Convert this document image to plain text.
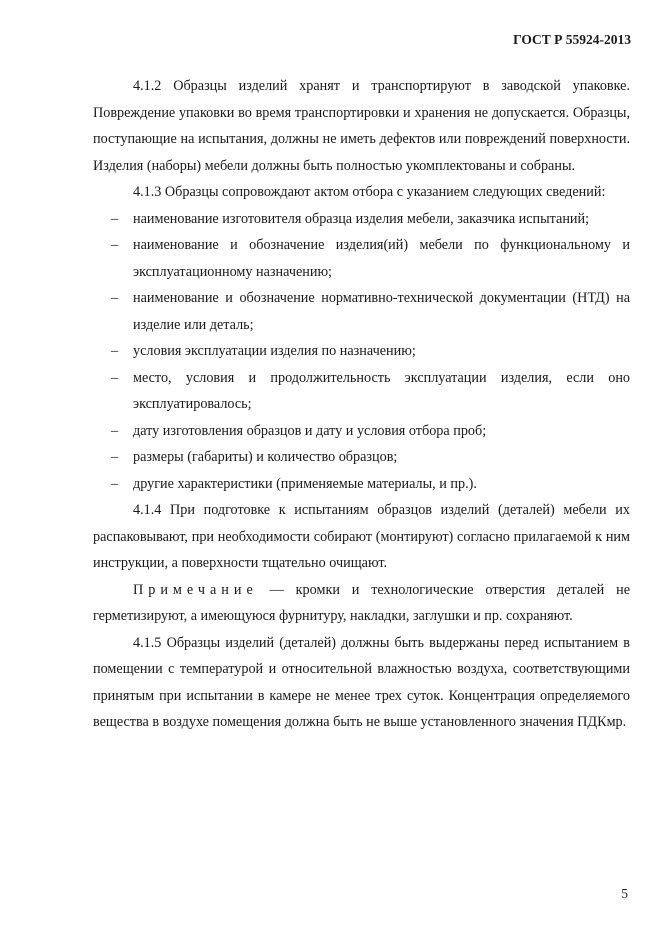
ГОСТ Р 55924-2013

4.1.2 Образцы изделий хранят и транспортируют в заводской упаковке. Повреждение упаковки во время транспортировки и хранения не допускается. Образцы, поступающие на испытания, должны не иметь дефектов или повреждений поверхности. Изделия (наборы) мебели должны быть полностью укомплектованы и собраны.

4.1.3 Образцы сопровождают актом отбора с указанием следующих сведений:

– наименование изготовителя образца изделия мебели, заказчика испытаний;
– наименование и обозначение изделия(ий) мебели по функциональному и эксплуатационному назначению;
– наименование и обозначение нормативно-технической документации (НТД) на изделие или деталь;
– условия эксплуатации изделия по назначению;
– место, условия и продолжительность эксплуатации изделия, если оно эксплуатировалось;
– дату изготовления образцов и дату и условия отбора проб;
– размеры (габариты) и количество образцов;
– другие характеристики (применяемые материалы, и пр.).

4.1.4 При подготовке к испытаниям образцов изделий (деталей) мебели их распаковывают, при необходимости собирают (монтируют) согласно прилагаемой к ним инструкции, а поверхности тщательно очищают.

Примечание — кромки и технологические отверстия деталей не герметизируют, а имеющуюся фурнитуру, накладки, заглушки и пр. сохраняют.

4.1.5 Образцы изделий (деталей) должны быть выдержаны перед испытанием в помещении с температурой и относительной влажностью воздуха, соответствующими принятым при испытании в камере не менее трех суток. Концентрация определяемого вещества в воздухе помещения должна быть не выше установленного значения ПДКмр.

5
